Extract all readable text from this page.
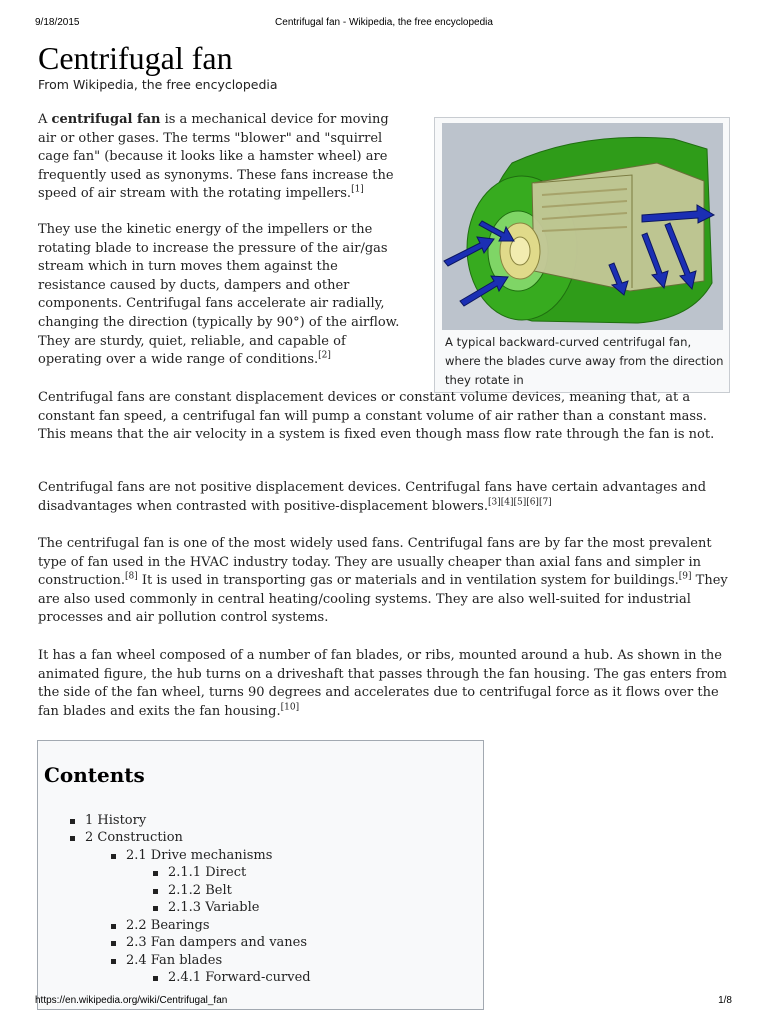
9/18/2015	Centrifugal fan - Wikipedia, the free encyclopedia
Centrifugal fan
From Wikipedia, the free encyclopedia

A centrifugal fan is a mechanical device for moving air or other gases. The terms "blower" and "squirrel cage fan" (because it looks like a hamster wheel) are frequently used as synonyms. These fans increase the speed of air stream with the rotating impellers.[1]

They use the kinetic energy of the impellers or the rotating blade to increase the pressure of the air/gas stream which in turn moves them against the resistance caused by ducts, dampers and other components. Centrifugal fans accelerate air radially, changing the direction (typically by 90°) of the airflow. They are sturdy, quiet, reliable, and capable of operating over a wide range of conditions.[2]

A typical backward-curved centrifugal fan, where the blades curve away from the direction they rotate in

Centrifugal fans are constant displacement devices or constant volume devices, meaning that, at a constant fan speed, a centrifugal fan will pump a constant volume of air rather than a constant mass. This means that the air velocity in a system is fixed even though mass flow rate through the fan is not.

Centrifugal fans are not positive displacement devices. Centrifugal fans have certain advantages and disadvantages when contrasted with positive-displacement blowers.[3][4][5][6][7]

The centrifugal fan is one of the most widely used fans. Centrifugal fans are by far the most prevalent type of fan used in the HVAC industry today. They are usually cheaper than axial fans and simpler in construction.[8] It is used in transporting gas or materials and in ventilation system for buildings.[9] They are also used commonly in central heating/cooling systems. They are also well-suited for industrial processes and air pollution control systems.

It has a fan wheel composed of a number of fan blades, or ribs, mounted around a hub. As shown in the animated figure, the hub turns on a driveshaft that passes through the fan housing. The gas enters from the side of the fan wheel, turns 90 degrees and accelerates due to centrifugal force as it flows over the fan blades and exits the fan housing.[10]

Contents
1 History
2 Construction
2.1 Drive mechanisms
2.1.1 Direct
2.1.2 Belt
2.1.3 Variable
2.2 Bearings
2.3 Fan dampers and vanes
2.4 Fan blades
2.4.1 Forward-curved
https://en.wikipedia.org/wiki/Centrifugal_fan	1/8
